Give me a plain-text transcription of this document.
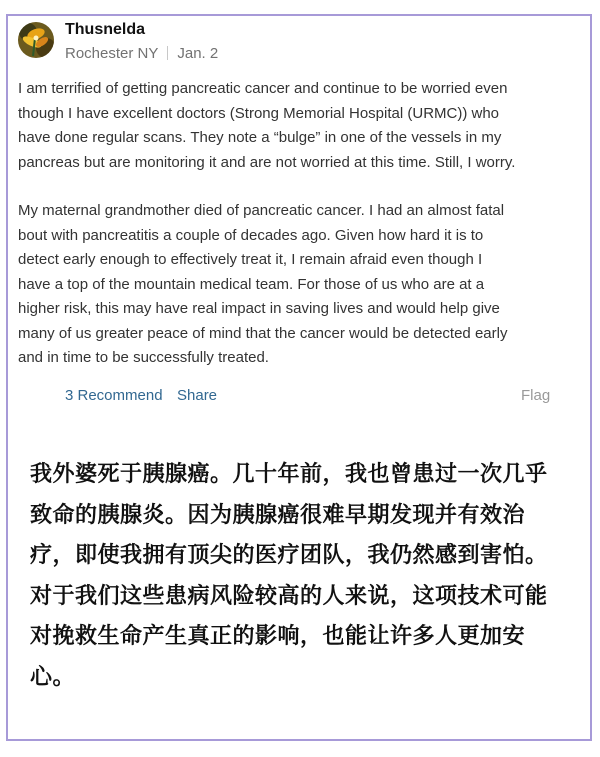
Thusnelda
Rochester NY Jan. 2

I am terrified of getting pancreatic cancer and continue to be worried even though I have excellent doctors (Strong Memorial Hospital (URMC)) who have done regular scans. They note a “bulge” in one of the vessels in my pancreas but are monitoring it and are not worried at this time. Still, I worry.

My maternal grandmother died of pancreatic cancer. I had an almost fatal bout with pancreatitis a couple of decades ago. Given how hard it is to detect early enough to effectively treat it, I remain afraid even though I have a top of the mountain medical team. For those of us who are at a higher risk, this may have real impact in saving lives and would help give many of us greater peace of mind that the cancer would be detected early and in time to be successfully treated.

3 Recommend Share	Flag
我外婆死于胰腺癌。几十年前，我也曾患过一次几乎致命的胰腺炎。因为胰腺癌很难早期发现并有效治疗，即使我拥有顶尖的医疗团队，我仍然感到害怕。对于我们这些患病风险较高的人来说，这项技术可能对挽救生命产生真正的影响，也能让许多人更加安心。
